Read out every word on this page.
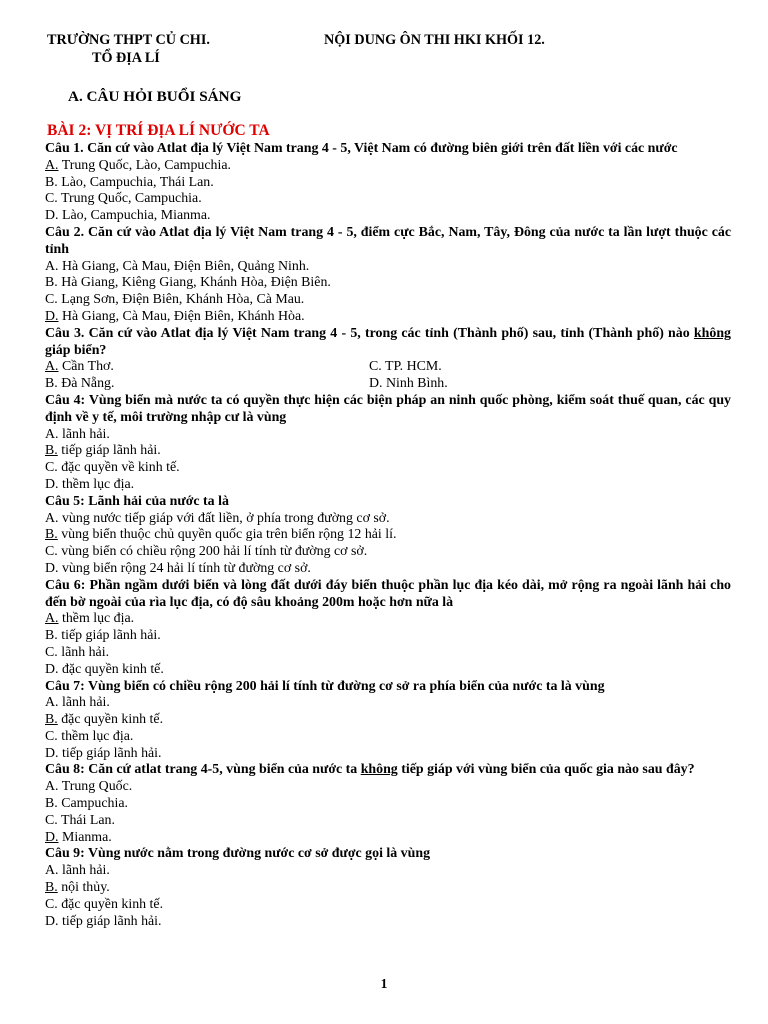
TRƯỜNG THPT CỦ CHI.
TỔ ĐỊA LÍ
NỘI DUNG ÔN THI HKI KHỐI 12.
A. CÂU HỎI BUỔI SÁNG
BÀI 2: VỊ TRÍ ĐỊA LÍ NƯỚC TA
Câu 1. Căn cứ vào Atlat địa lý Việt Nam trang 4 - 5, Việt Nam có đường biên giới trên đất liền với các nước
A. Trung Quốc, Lào, Campuchia.
B. Lào, Campuchia, Thái Lan.
C. Trung Quốc, Campuchia.
D. Lào, Campuchia, Mianma.
Câu 2. Căn cứ vào Atlat địa lý Việt Nam trang 4 - 5, điểm cực Bắc, Nam, Tây, Đông của nước ta lần lượt thuộc các tỉnh
A. Hà Giang, Cà Mau, Điện Biên, Quảng Ninh.
B. Hà Giang, Kiêng Giang, Khánh Hòa, Điện Biên.
C. Lạng Sơn, Điện Biên, Khánh Hòa, Cà Mau.
D. Hà Giang, Cà Mau, Điện Biên, Khánh Hòa.
Câu 3. Căn cứ vào Atlat địa lý Việt Nam trang 4 - 5, trong các tỉnh (Thành phố) sau, tỉnh (Thành phố) nào không giáp biển?
A. Cần Thơ.	C. TP. HCM.
B. Đà Nẵng.	D. Ninh Bình.
Câu 4: Vùng biển mà nước ta có quyền thực hiện các biện pháp an ninh quốc phòng, kiểm soát thuế quan, các quy định về y tế, môi trường nhập cư là vùng
A. lãnh hải.
B. tiếp giáp lãnh hải.
C. đặc quyền về kinh tế.
D. thềm lục địa.
Câu 5: Lãnh hải của nước ta là
A. vùng nước tiếp giáp với đất liền, ở phía trong đường cơ sở.
B. vùng biển thuộc chủ quyền quốc gia trên biển rộng 12 hải lí.
C. vùng biển có chiều rộng 200 hải lí tính từ đường cơ sở.
D. vùng biển rộng 24 hải lí tính từ đường cơ sở.
Câu 6: Phần ngầm dưới biển và lòng đất dưới đáy biển thuộc phần lục địa kéo dài, mở rộng ra ngoài lãnh hải cho đến bờ ngoài của rìa lục địa, có độ sâu khoảng 200m hoặc hơn nữa là
A. thềm lục địa.
B. tiếp giáp lãnh hải.
C. lãnh hải.
D. đặc quyền kinh tế.
Câu 7: Vùng biển có chiều rộng 200 hải lí tính từ đường cơ sở ra phía biển của nước ta là vùng
A. lãnh hải.
B. đặc quyền kinh tế.
C. thềm lục địa.
D. tiếp giáp lãnh hải.
Câu 8: Căn cứ atlat trang 4-5, vùng biển của nước ta không tiếp giáp với vùng biển của quốc gia nào sau đây?
A. Trung Quốc.
B. Campuchia.
C. Thái Lan.
D. Mianma.
Câu 9: Vùng nước nằm trong đường nước cơ sở được gọi là vùng
A. lãnh hải.
B. nội thủy.
C. đặc quyền kinh tế.
D. tiếp giáp lãnh hải.
1
